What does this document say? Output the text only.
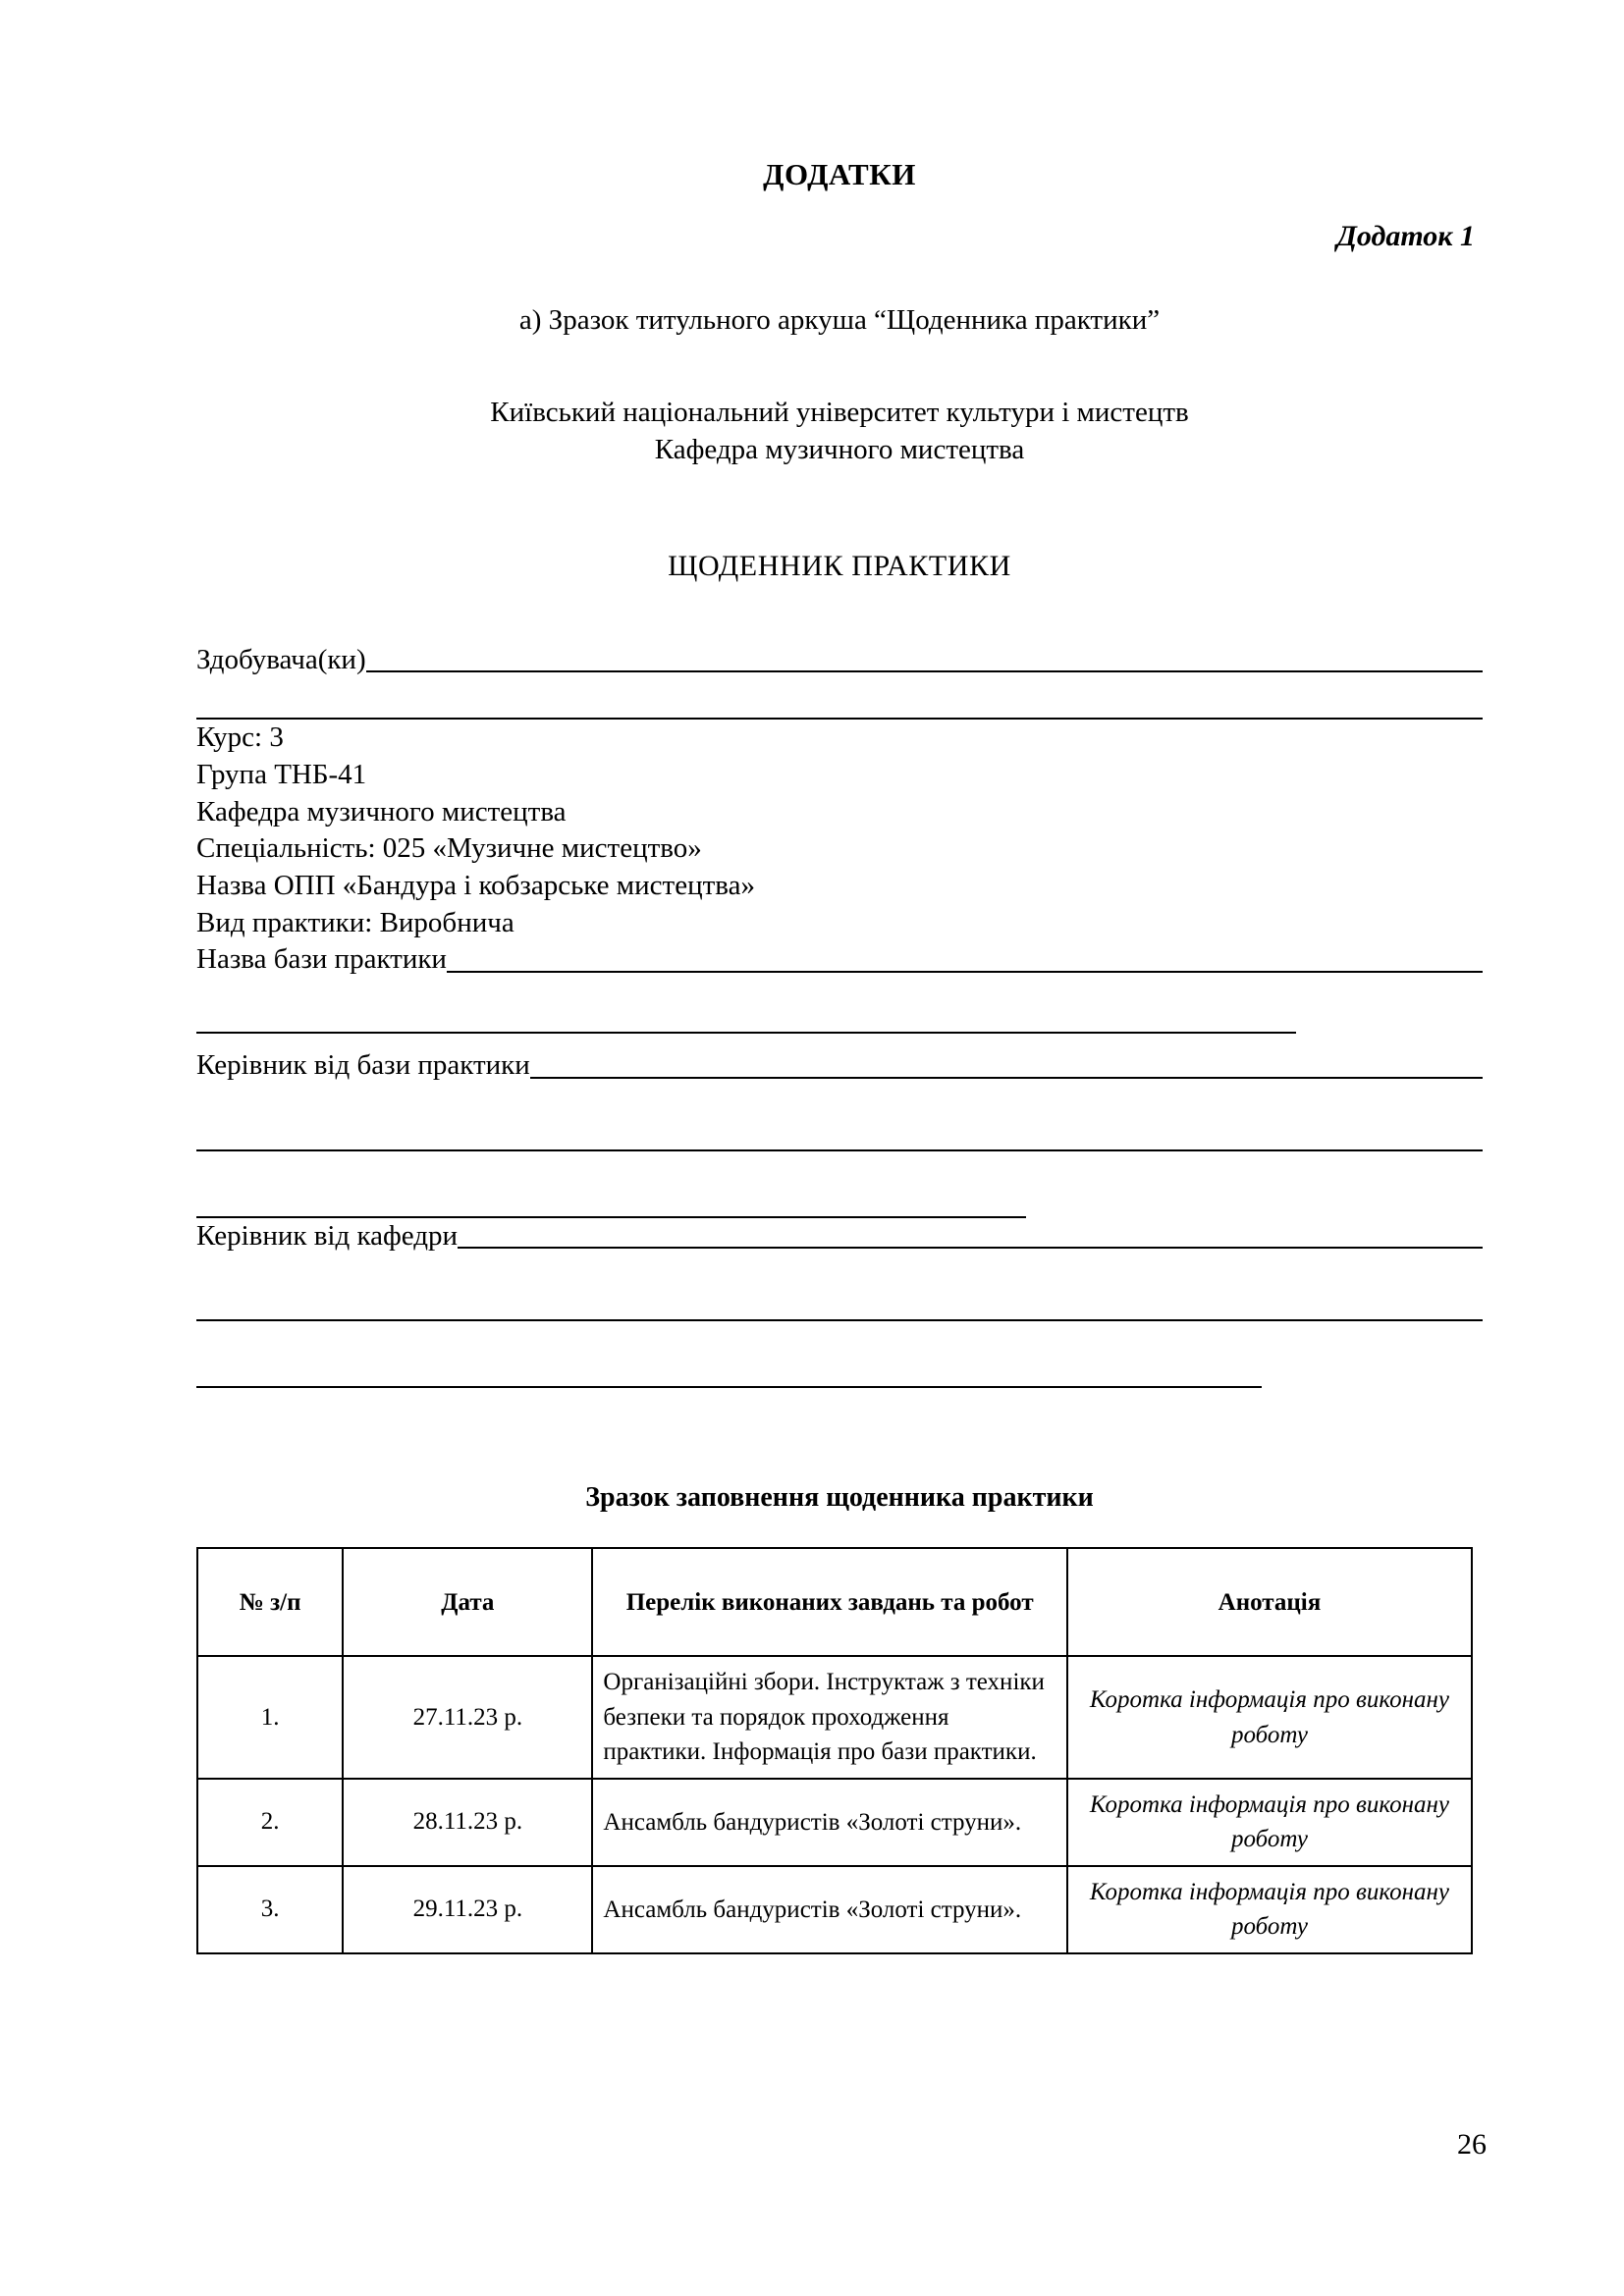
ДОДАТКИ
Додаток 1
а) Зразок титульного аркуша “Щоденника практики”
Київський національний університет культури і мистецтв
Кафедра музичного мистецтва
ЩОДЕННИК ПРАКТИКИ
Здобувача(ки)
Курс: 3
Група ТНБ-41
Кафедра музичного мистецтва
Спеціальність: 025 «Музичне мистецтво»
Назва ОПП «Бандура і кобзарське мистецтва»
Вид практики: Виробнича
Назва бази практики
Керівник від бази практики
Керівник від кафедри
Зразок заповнення щоденника практики
№ з/п	Дата	Перелік виконаних завдань та робот	Анотація
1.	27.11.23 р.	Організаційні збори. Інструктаж з техніки безпеки та порядок проходження практики. Інформація про бази практики.	Коротка інформація про виконану роботу
2.	28.11.23 р.	Ансамбль бандуристів «Золоті струни».	Коротка інформація про виконану роботу
3.	29.11.23 р.	Ансамбль бандуристів «Золоті струни».	Коротка інформація про виконану роботу
26
